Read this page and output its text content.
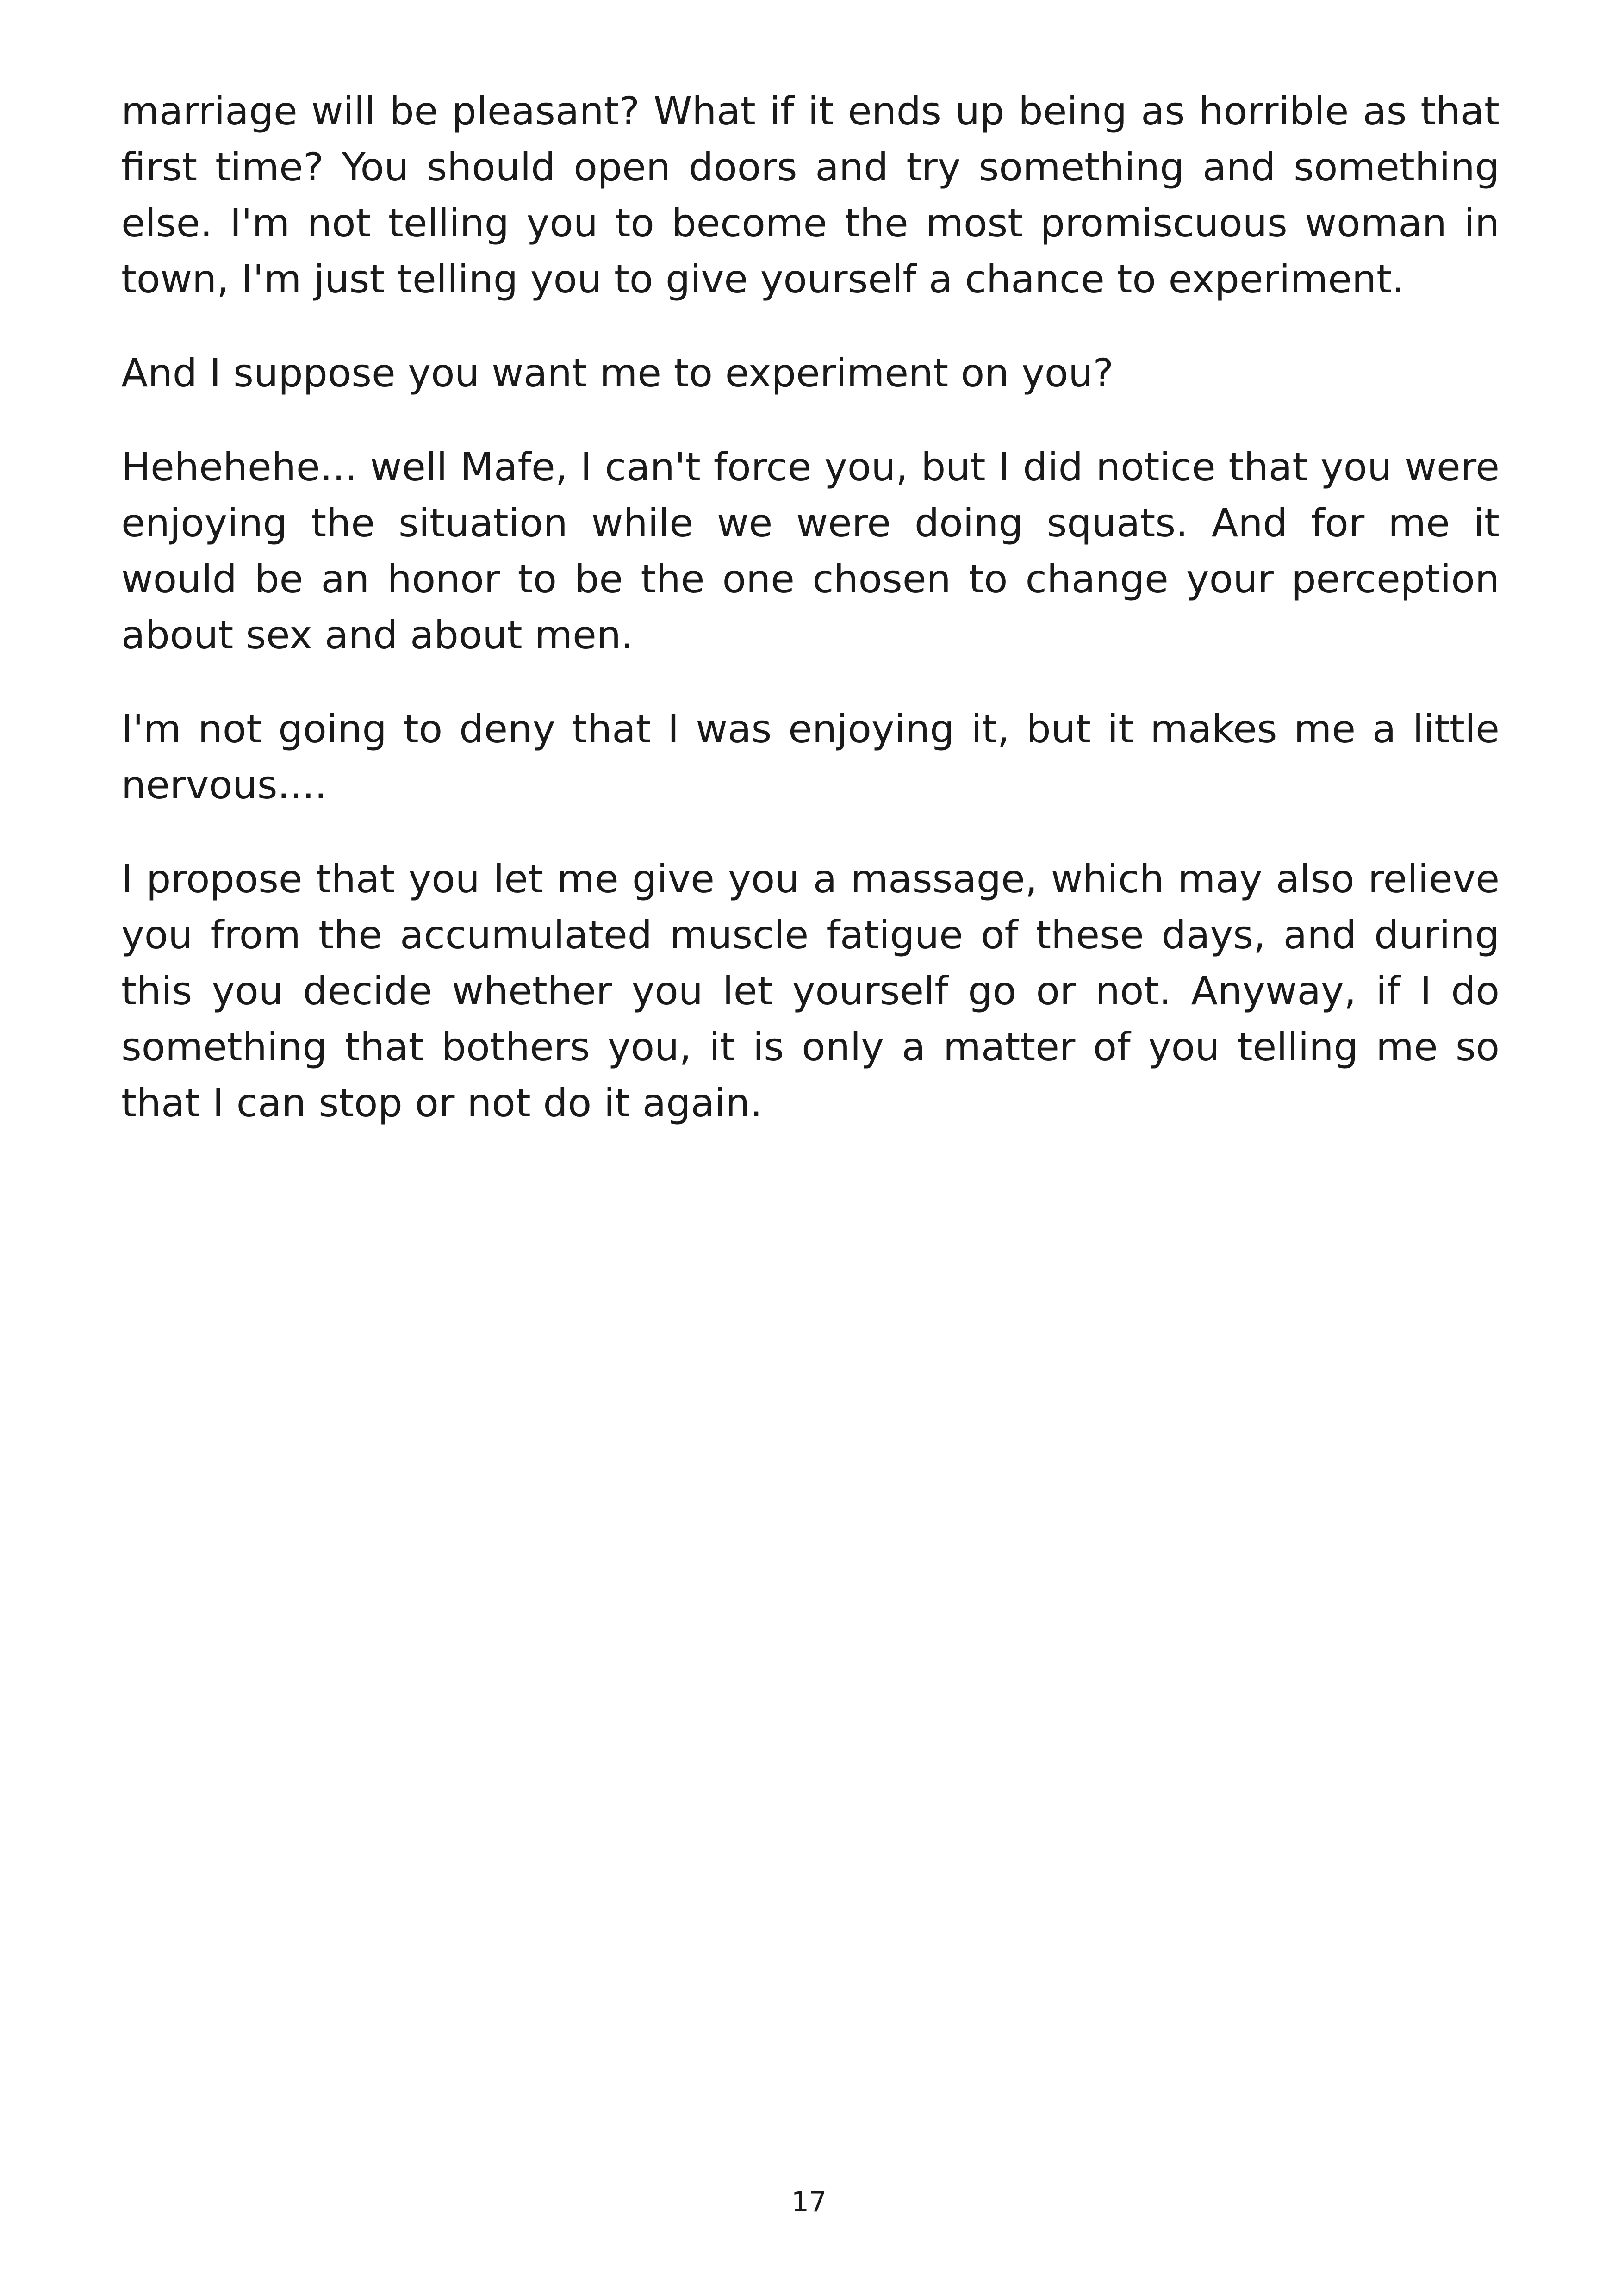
marriage will be pleasant? What if it ends up being as horrible as that first time? You should open doors and try something and something else. I'm not telling you to become the most promiscuous woman in town, I'm just telling you to give yourself a chance to experiment.

And I suppose you want me to experiment on you?

Hehehehe... well Mafe, I can't force you, but I did notice that you were enjoying the situation while we were doing squats. And for me it would be an honor to be the one chosen to change your perception about sex and about men.

I'm not going to deny that I was enjoying it, but it makes me a little nervous....

I propose that you let me give you a massage, which may also relieve you from the accumulated muscle fatigue of these days, and during this you decide whether you let yourself go or not. Anyway, if I do something that bothers you, it is only a matter of you telling me so that I can stop or not do it again.

17
